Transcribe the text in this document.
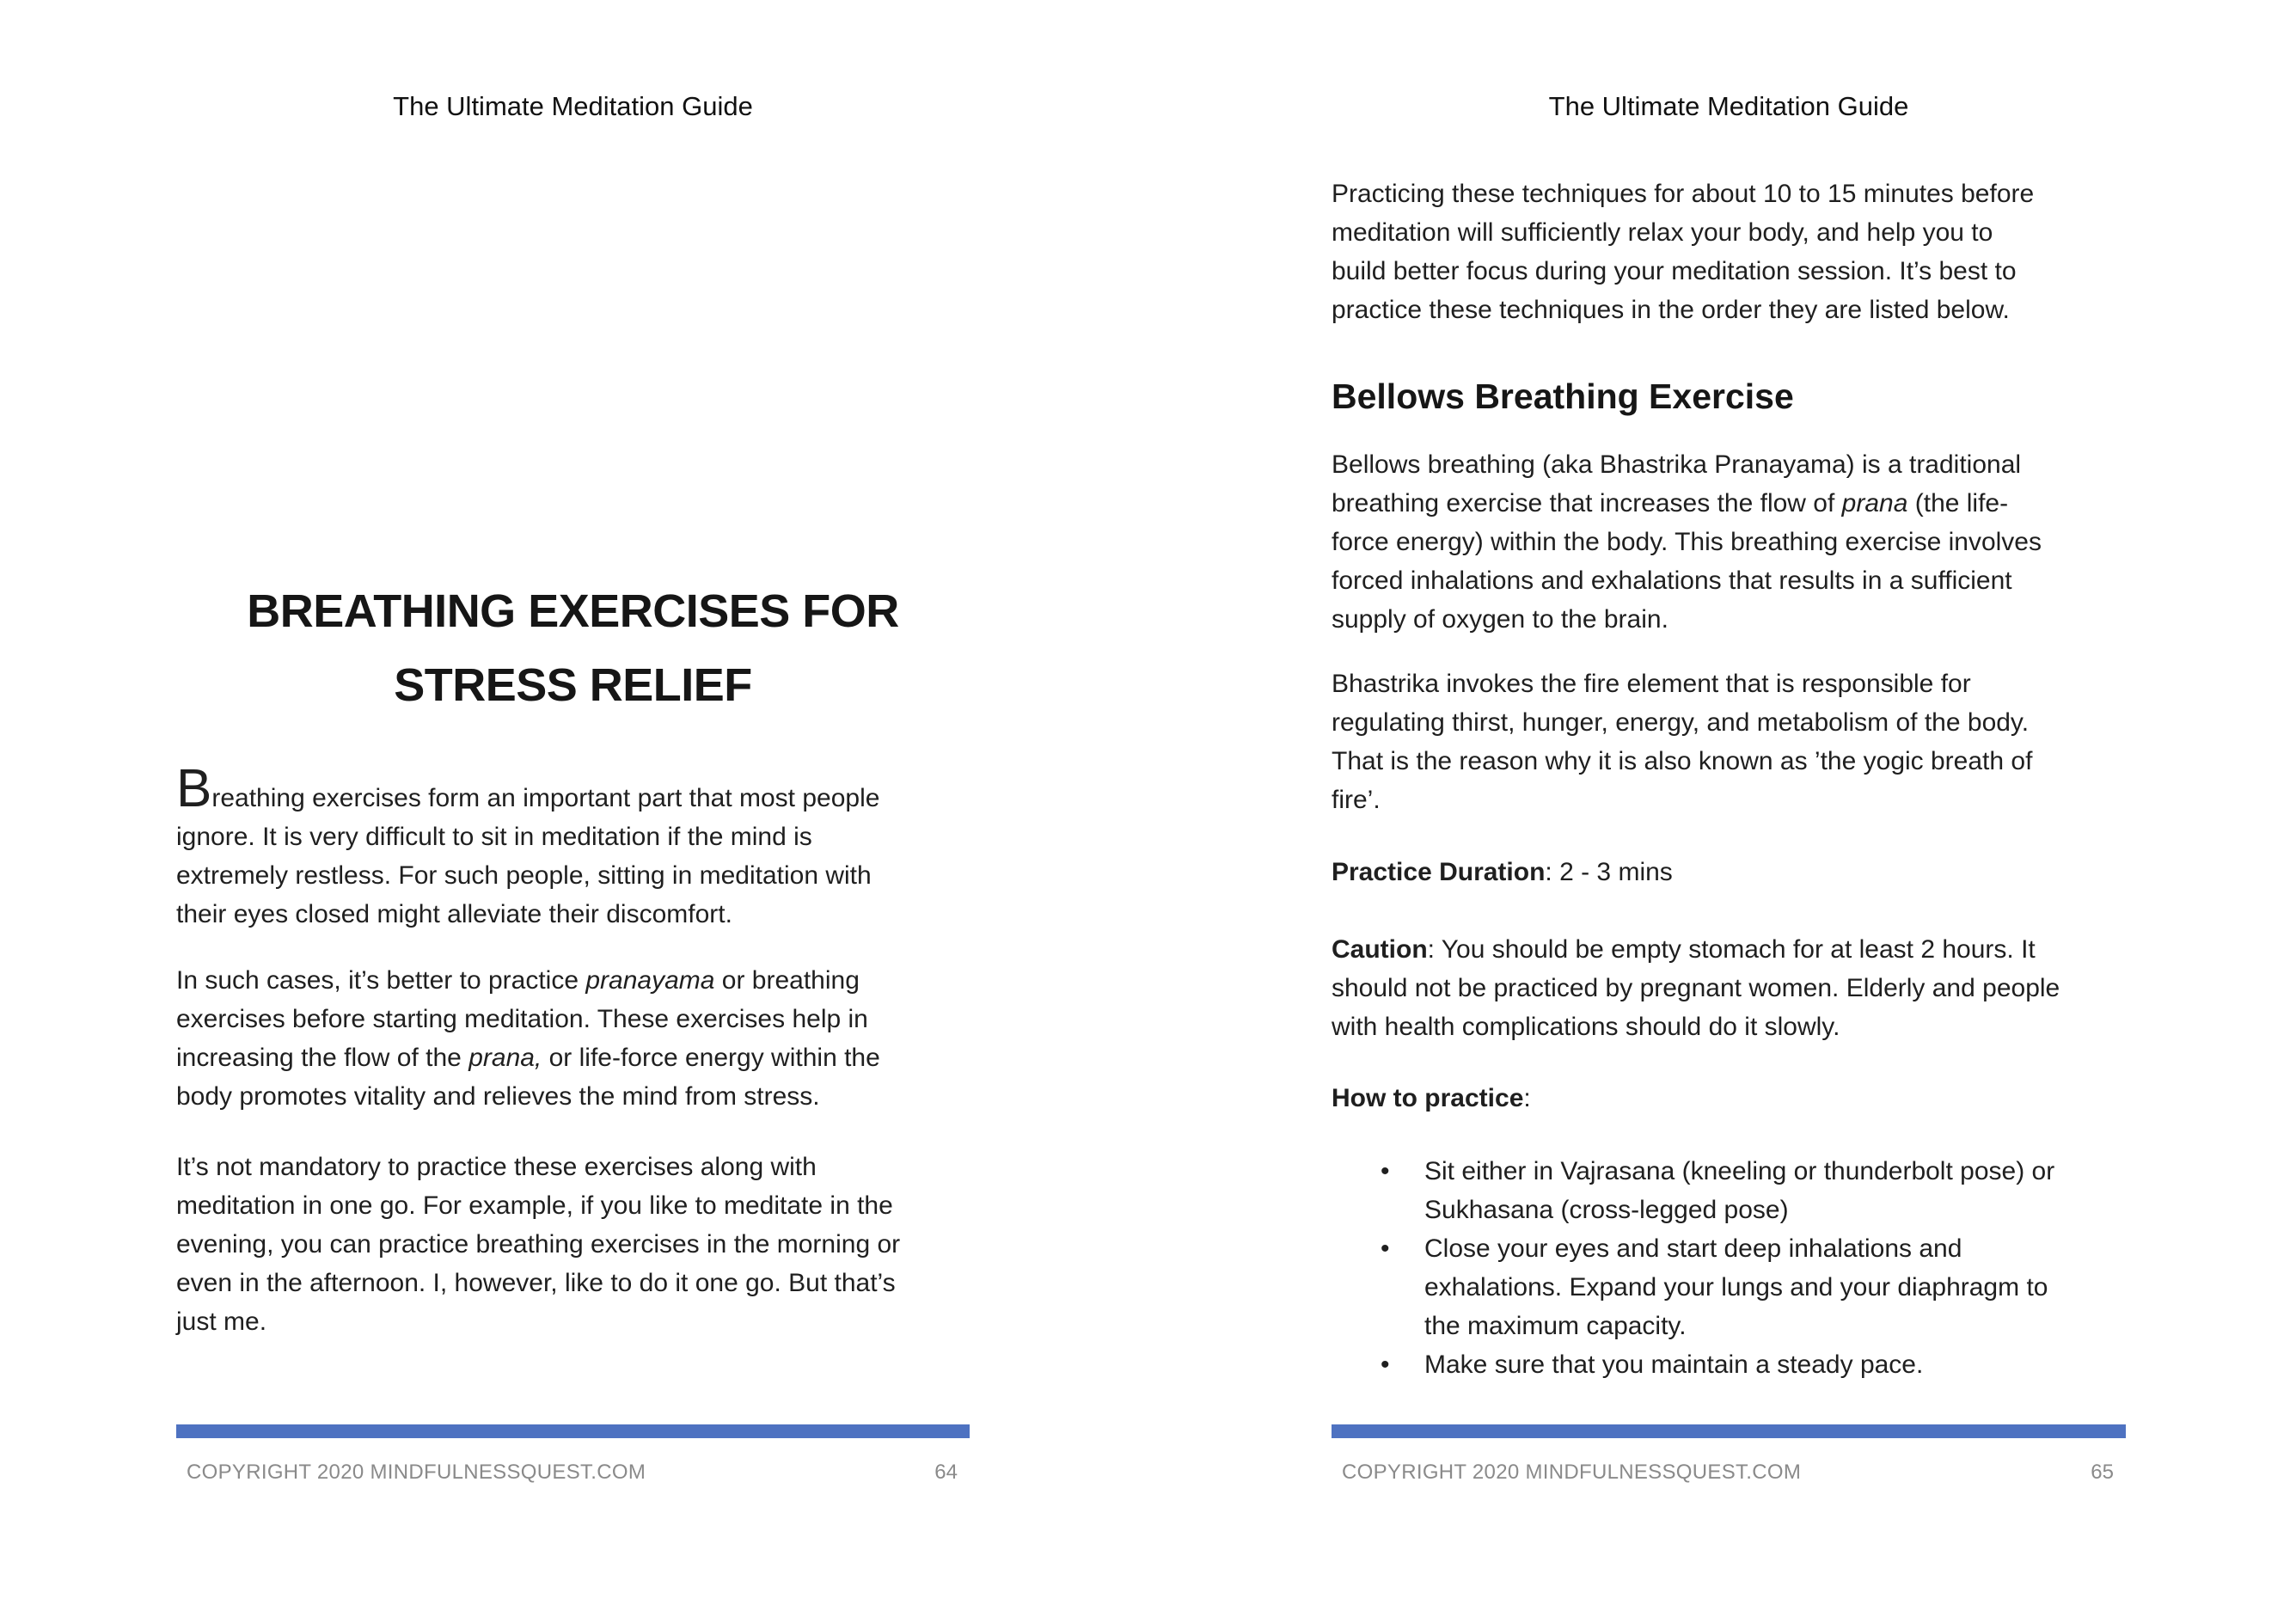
The Ultimate Meditation Guide
BREATHING EXERCISES FOR
STRESS RELIEF

Breathing exercises form an important part that most people
ignore. It is very difficult to sit in meditation if the mind is
extremely restless. For such people, sitting in meditation with
their eyes closed might alleviate their discomfort.

In such cases, it’s better to practice pranayama or breathing
exercises before starting meditation. These exercises help in
increasing the flow of the prana, or life-force energy within the
body promotes vitality and relieves the mind from stress.

It’s not mandatory to practice these exercises along with
meditation in one go. For example, if you like to meditate in the
evening, you can practice breathing exercises in the morning or
even in the afternoon. I, however, like to do it one go. But that’s
just me.

COPYRIGHT 2020 MINDFULNESSQUEST.COM	64
The Ultimate Meditation Guide

Practicing these techniques for about 10 to 15 minutes before
meditation will sufficiently relax your body, and help you to
build better focus during your meditation session. It’s best to
practice these techniques in the order they are listed below.

Bellows Breathing Exercise

Bellows breathing (aka Bhastrika Pranayama) is a traditional
breathing exercise that increases the flow of prana (the life-
force energy) within the body. This breathing exercise involves
forced inhalations and exhalations that results in a sufficient
supply of oxygen to the brain.

Bhastrika invokes the fire element that is responsible for
regulating thirst, hunger, energy, and metabolism of the body.
That is the reason why it is also known as ’the yogic breath of
fire’.

Practice Duration: 2 - 3 mins

Caution: You should be empty stomach for at least 2 hours. It
should not be practiced by pregnant women. Elderly and people
with health complications should do it slowly.

How to practice:

• Sit either in Vajrasana (kneeling or thunderbolt pose) or
Sukhasana (cross-legged pose)
• Close your eyes and start deep inhalations and
exhalations. Expand your lungs and your diaphragm to
the maximum capacity.
• Make sure that you maintain a steady pace.
COPYRIGHT 2020 MINDFULNESSQUEST.COM	65
